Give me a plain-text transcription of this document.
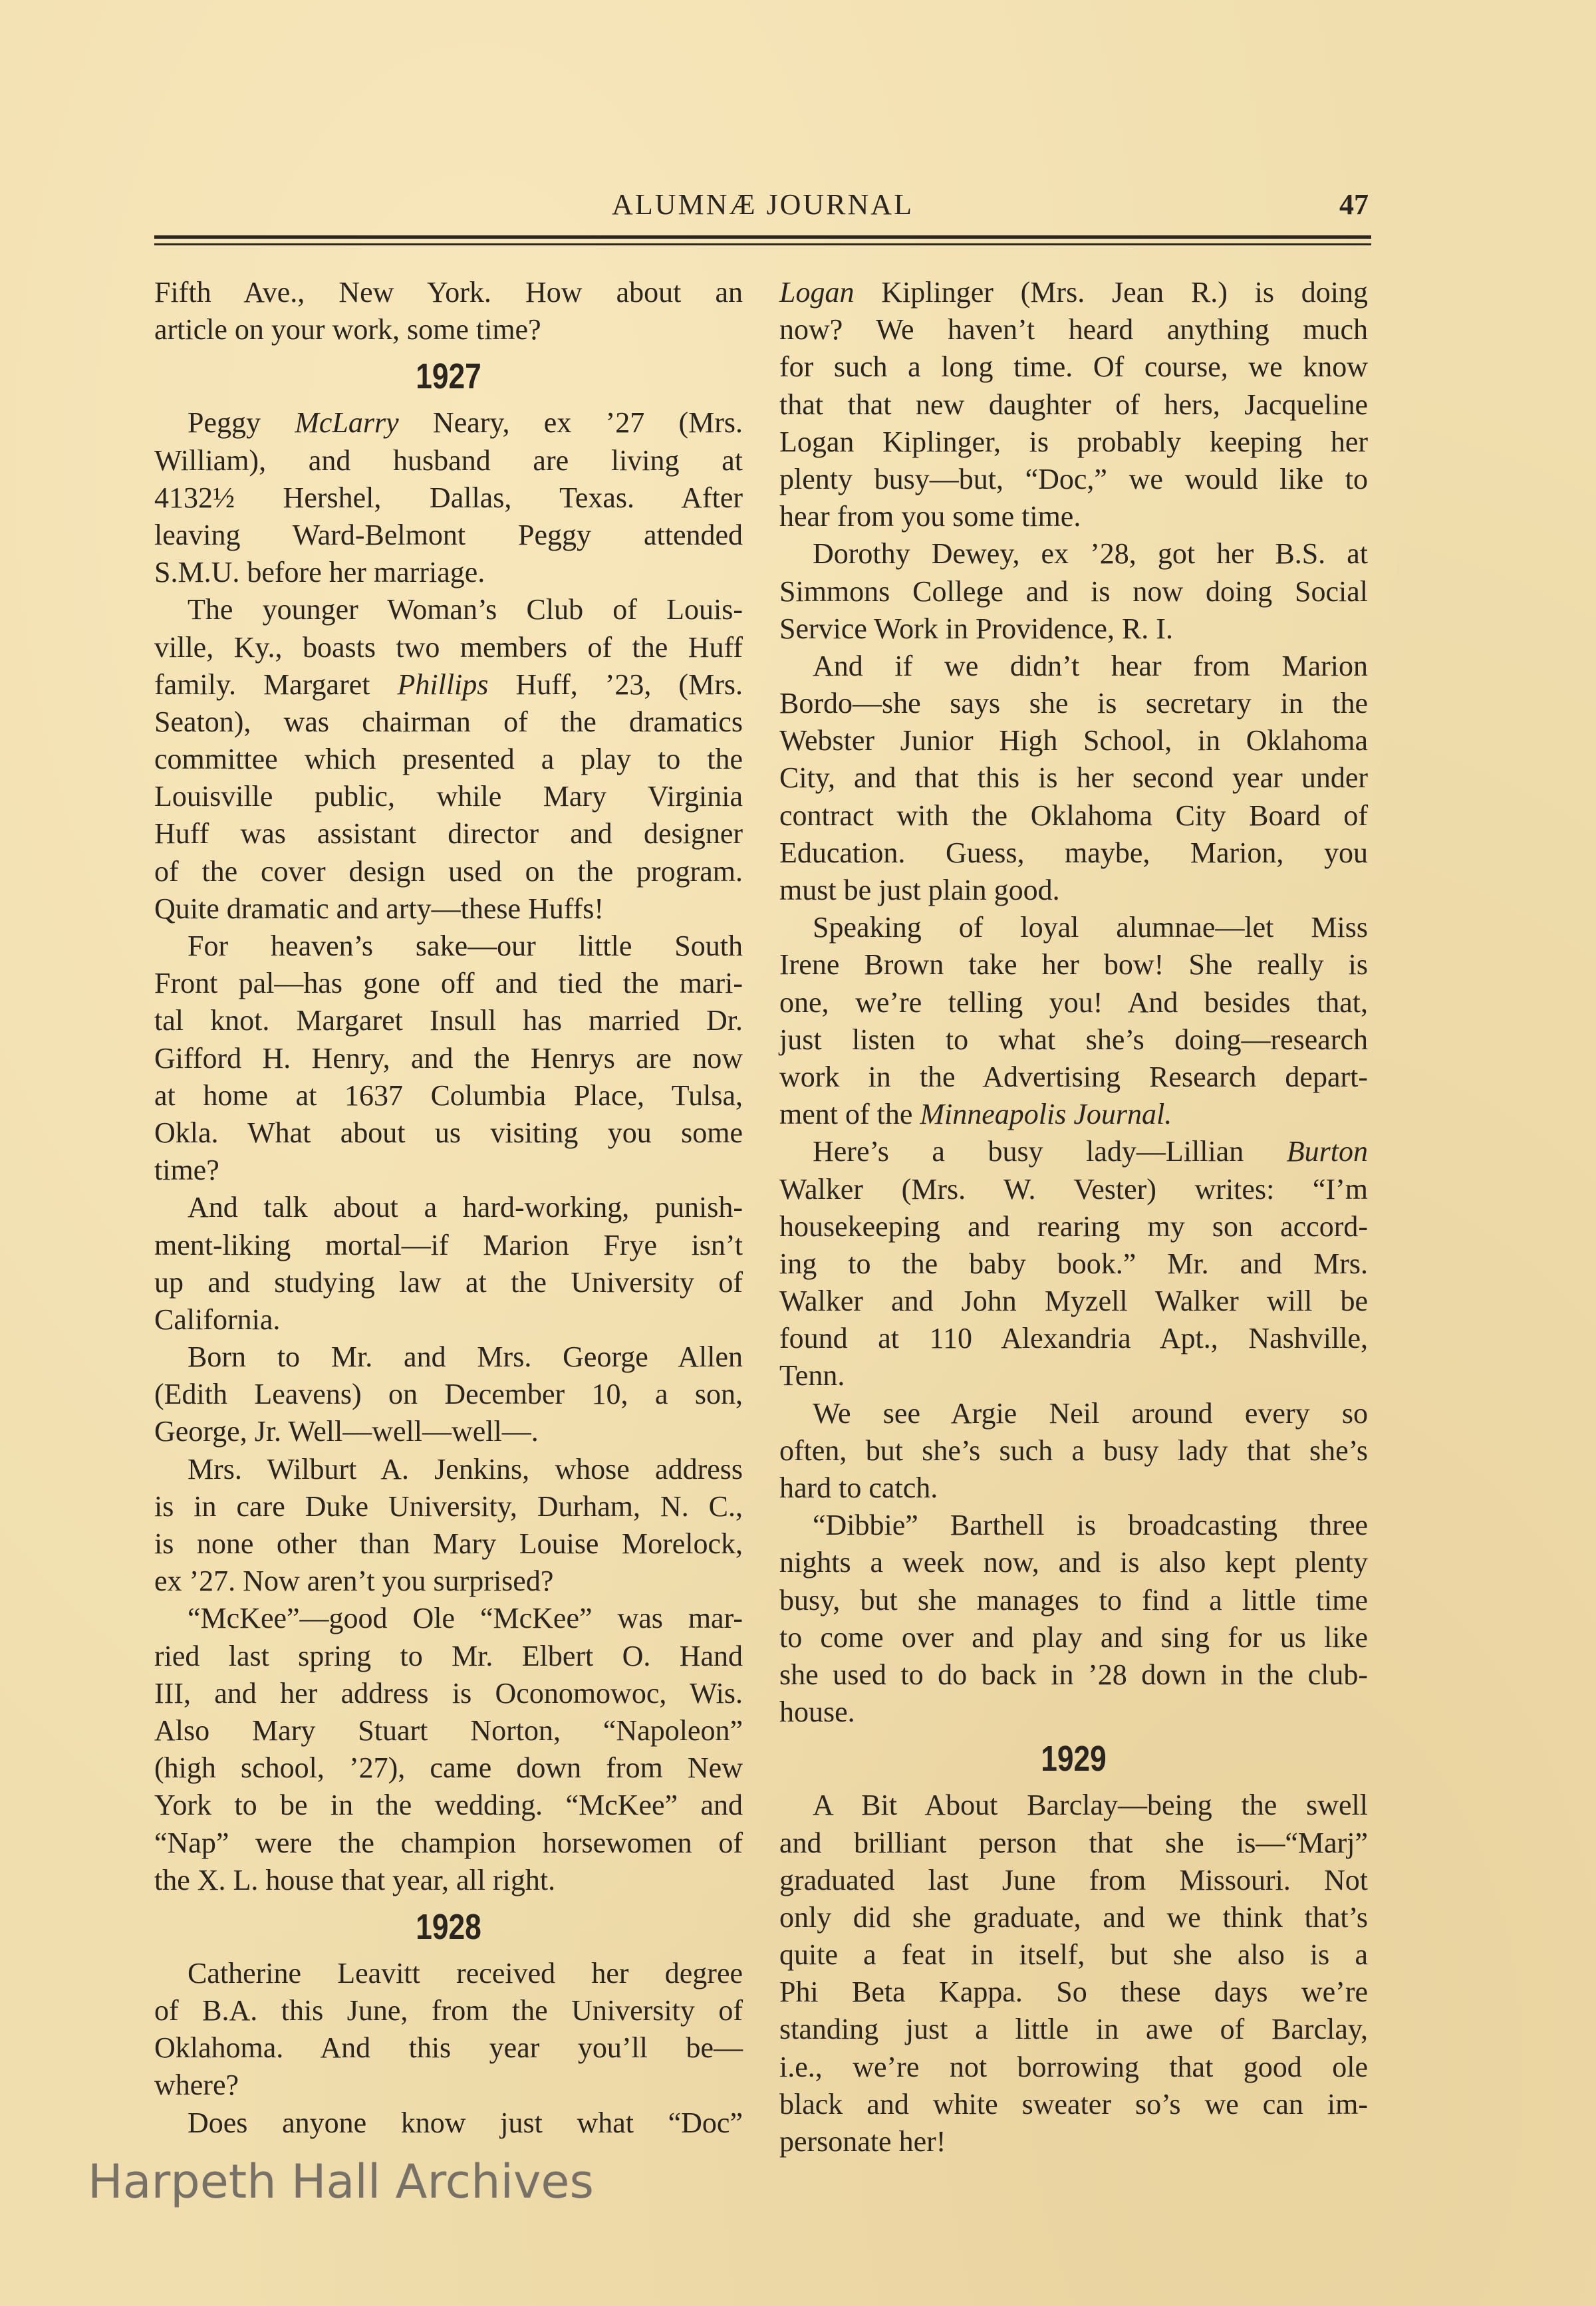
ALUMNÆ JOURNAL	47
Fifth Ave., New York. How about an
article on your work, some time?
1927
Peggy McLarry Neary, ex ’27 (Mrs.
William), and husband are living at
4132½ Hershel, Dallas, Texas. After
leaving Ward-Belmont Peggy attended
S.M.U. before her marriage.
The younger Woman’s Club of Louis-
ville, Ky., boasts two members of the Huff
family. Margaret Phillips Huff, ’23, (Mrs.
Seaton), was chairman of the dramatics
committee which presented a play to the
Louisville public, while Mary Virginia
Huff was assistant director and designer
of the cover design used on the program.
Quite dramatic and arty—these Huffs!
For heaven’s sake—our little South
Front pal—has gone off and tied the mari-
tal knot. Margaret Insull has married Dr.
Gifford H. Henry, and the Henrys are now
at home at 1637 Columbia Place, Tulsa,
Okla. What about us visiting you some
time?
And talk about a hard-working, punish-
ment-liking mortal—if Marion Frye isn’t
up and studying law at the University of
California.
Born to Mr. and Mrs. George Allen
(Edith Leavens) on December 10, a son,
George, Jr. Well—well—well—.
Mrs. Wilburt A. Jenkins, whose address
is in care Duke University, Durham, N. C.,
is none other than Mary Louise Morelock,
ex ’27. Now aren’t you surprised?
“McKee”—good Ole “McKee” was mar-
ried last spring to Mr. Elbert O. Hand
III, and her address is Oconomowoc, Wis.
Also Mary Stuart Norton, “Napoleon”
(high school, ’27), came down from New
York to be in the wedding. “McKee” and
“Nap” were the champion horsewomen of
the X. L. house that year, all right.
1928
Catherine Leavitt received her degree
of B.A. this June, from the University of
Oklahoma. And this year you’ll be—
where?
Does anyone know just what “Doc”
Logan Kiplinger (Mrs. Jean R.) is doing
now? We haven’t heard anything much
for such a long time. Of course, we know
that that new daughter of hers, Jacqueline
Logan Kiplinger, is probably keeping her
plenty busy—but, “Doc,” we would like to
hear from you some time.
Dorothy Dewey, ex ’28, got her B.S. at
Simmons College and is now doing Social
Service Work in Providence, R. I.
And if we didn’t hear from Marion
Bordo—she says she is secretary in the
Webster Junior High School, in Oklahoma
City, and that this is her second year under
contract with the Oklahoma City Board of
Education. Guess, maybe, Marion, you
must be just plain good.
Speaking of loyal alumnae—let Miss
Irene Brown take her bow! She really is
one, we’re telling you! And besides that,
just listen to what she’s doing—research
work in the Advertising Research depart-
ment of the Minneapolis Journal.
Here’s a busy lady—Lillian Burton
Walker (Mrs. W. Vester) writes: “I’m
housekeeping and rearing my son accord-
ing to the baby book.” Mr. and Mrs.
Walker and John Myzell Walker will be
found at 110 Alexandria Apt., Nashville,
Tenn.
We see Argie Neil around every so
often, but she’s such a busy lady that she’s
hard to catch.
“Dibbie” Barthell is broadcasting three
nights a week now, and is also kept plenty
busy, but she manages to find a little time
to come over and play and sing for us like
she used to do back in ’28 down in the club-
house.
1929
A Bit About Barclay—being the swell
and brilliant person that she is—“Marj”
graduated last June from Missouri. Not
only did she graduate, and we think that’s
quite a feat in itself, but she also is a
Phi Beta Kappa. So these days we’re
standing just a little in awe of Barclay,
i.e., we’re not borrowing that good ole
black and white sweater so’s we can im-
personate her!
Harpeth Hall Archives
